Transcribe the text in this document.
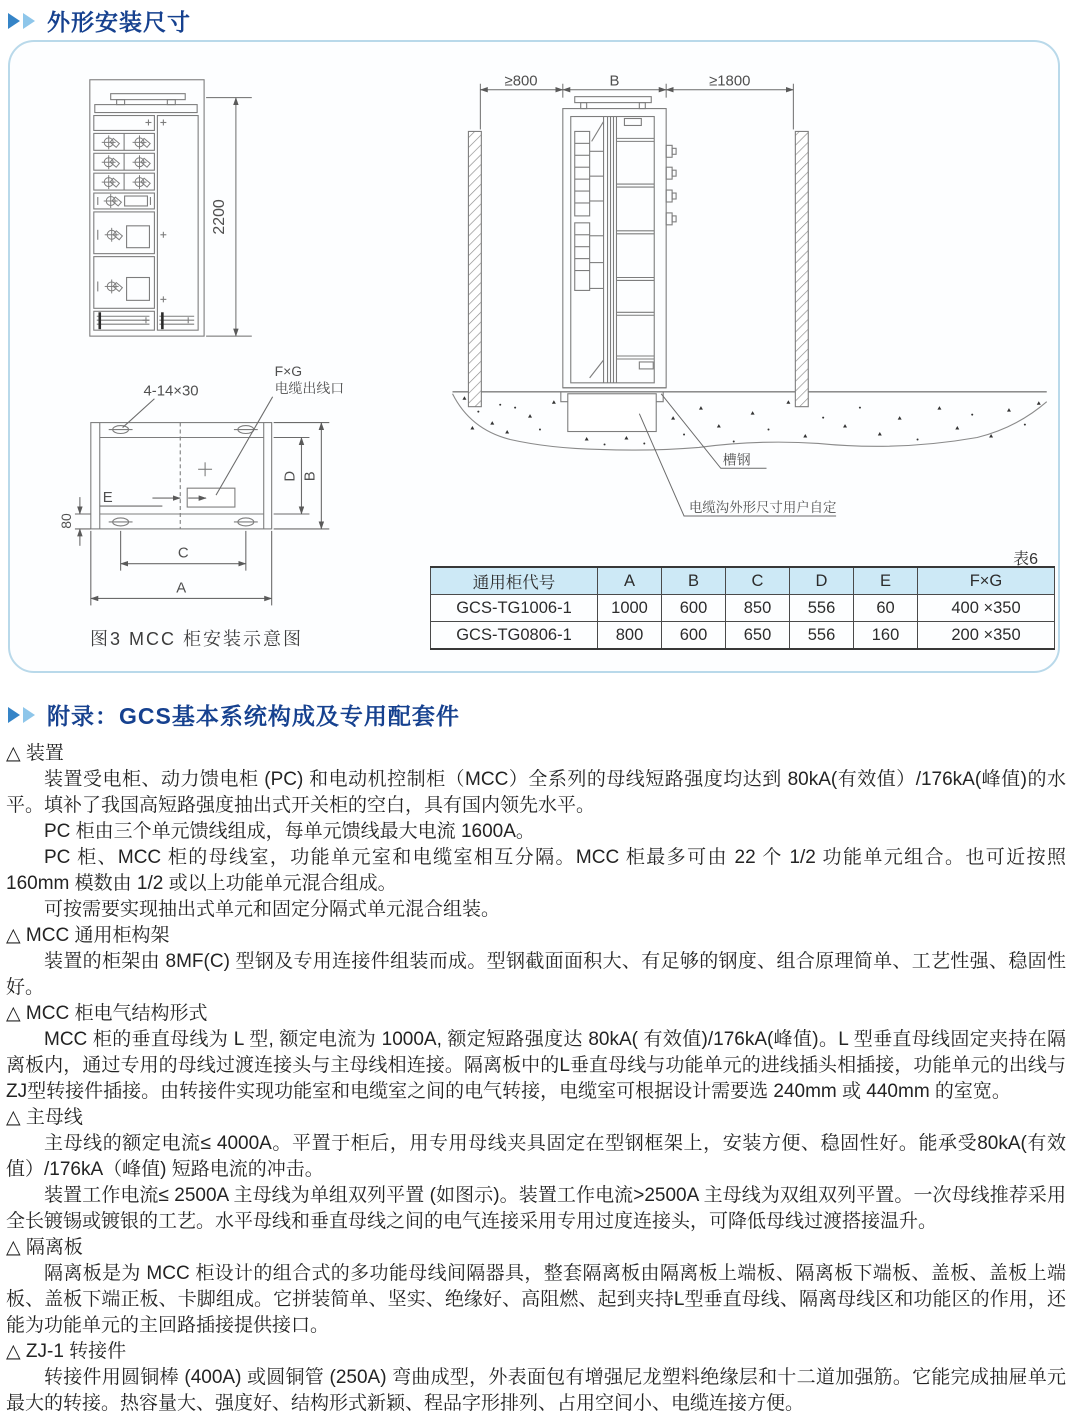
外形安装尺寸
2200
4-14×30
F×G
电缆出线口
E
80
D B
C
A
≥800	B	≥1800
槽钢
电缆沟外形尺寸用户自定
表6
通用柜代号	A	B	C	D	E	F×G
GCS-TG1006-1	1000	600	850	556	60	400 ×350
GCS-TG0806-1	800	600	650	556	160	200 ×350
图3 MCC 柜安装示意图
附录：GCS基本系统构成及专用配套件
△ 装置

装置受电柜、动力馈电柜 (PC) 和电动机控制柜（MCC）全系列的母线短路强度均达到 80kA(有效值）/176kA(峰值)的水平。填补了我国高短路强度抽出式开关柜的空白，具有国内领先水平。

PC 柜由三个单元馈线组成，每单元馈线最大电流 1600A。

PC 柜、MCC 柜的母线室，功能单元室和电缆室相互分隔。MCC 柜最多可由 22 个 1/2 功能单元组合。也可近按照 160mm 模数由 1/2 或以上功能单元混合组成。

可按需要实现抽出式单元和固定分隔式单元混合组装。

△ MCC 通用柜构架

装置的柜架由 8MF(C) 型钢及专用连接件组装而成。型钢截面面积大、有足够的钢度、组合原理简单、工艺性强、稳固性好。

△ MCC 柜电气结构形式

MCC 柜的垂直母线为 L 型, 额定电流为 1000A, 额定短路强度达 80kA( 有效值)/176kA(峰值)。L 型垂直母线固定夹持在隔离板内，通过专用的母线过渡连接头与主母线相连接。隔离板中的L垂直母线与功能单元的进线插头相插接，功能单元的出线与ZJ型转接件插接。由转接件实现功能室和电缆室之间的电气转接，电缆室可根据设计需要选 240mm 或 440mm 的室宽。

△ 主母线

主母线的额定电流≤ 4000A。平置于柜后，用专用母线夹具固定在型钢框架上，安装方便、稳固性好。能承受80kA(有效值）/176kA（峰值) 短路电流的冲击。

装置工作电流≤ 2500A 主母线为单组双列平置 (如图示)。装置工作电流>2500A 主母线为双组双列平置。一次母线推荐采用全长镀锡或镀银的工艺。水平母线和垂直母线之间的电气连接采用专用过度连接头，可降低母线过渡搭接温升。

△ 隔离板

隔离板是为 MCC 柜设计的组合式的多功能母线间隔器具，整套隔离板由隔离板上端板、隔离板下端板、盖板、盖板上端板、盖板下端正板、卡脚组成。它拼装简单、坚实、绝缘好、高阻燃、起到夹持L型垂直母线、隔离母线区和功能区的作用，还能为功能单元的主回路插接提供接口。

△ ZJ-1 转接件

转接件用圆铜棒 (400A) 或圆铜管 (250A) 弯曲成型，外表面包有增强尼龙塑料绝缘层和十二道加强筋。它能完成抽屉单元最大的转接。热容量大、强度好、结构形式新颖、程品字形排列、占用空间小、电缆连接方便。
